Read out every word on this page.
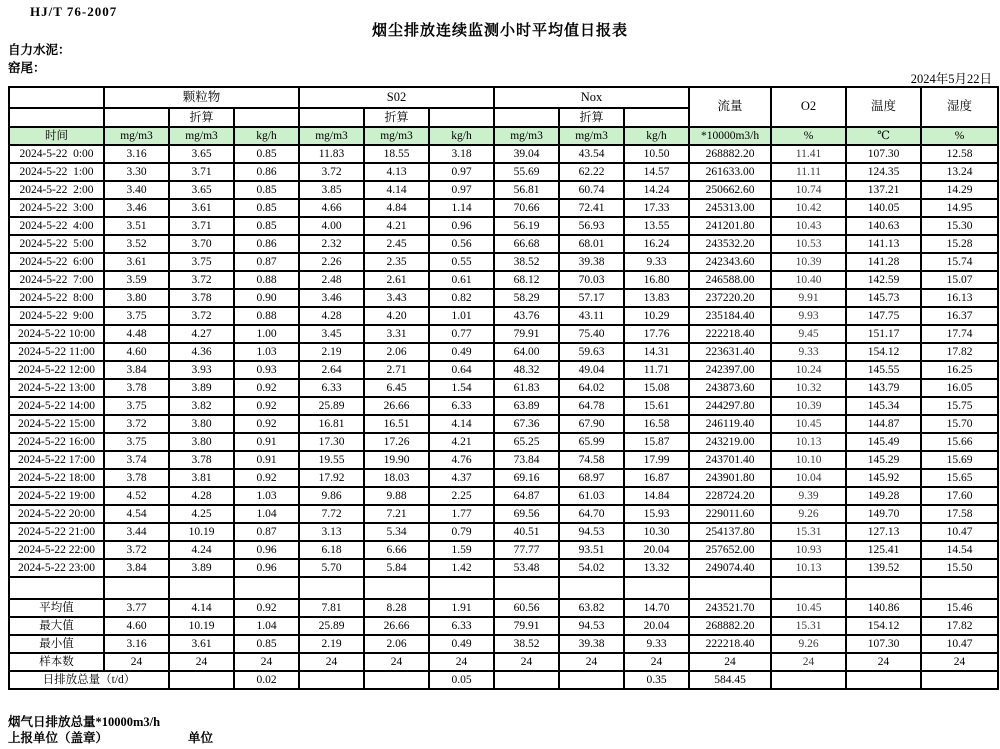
HJ/T 76-2007
烟尘排放连续监测小时平均值日报表
自力水泥：
窑尾：
2024年5月22日
	颗粒物			S02			Nox			流量	O2	温度	湿度
		折算			折算			折算					
时间	mg/m3	mg/m3	kg/h	mg/m3	mg/m3	kg/h	mg/m3	mg/m3	kg/h	*10000m3/h	%	℃	%
2024-5-22  0:00	3.16	3.65	0.85	11.83	18.55	3.18	39.04	43.54	10.50	268882.20	11.41	107.30	12.58
2024-5-22  1:00	3.30	3.71	0.86	3.72	4.13	0.97	55.69	62.22	14.57	261633.00	11.11	124.35	13.24
2024-5-22  2:00	3.40	3.65	0.85	3.85	4.14	0.97	56.81	60.74	14.24	250662.60	10.74	137.21	14.29
2024-5-22  3:00	3.46	3.61	0.85	4.66	4.84	1.14	70.66	72.41	17.33	245313.00	10.42	140.05	14.95
2024-5-22  4:00	3.51	3.71	0.85	4.00	4.21	0.96	56.19	56.93	13.55	241201.80	10.43	140.63	15.30
2024-5-22  5:00	3.52	3.70	0.86	2.32	2.45	0.56	66.68	68.01	16.24	243532.20	10.53	141.13	15.28
2024-5-22  6:00	3.61	3.75	0.87	2.26	2.35	0.55	38.52	39.38	9.33	242343.60	10.39	141.28	15.74
2024-5-22  7:00	3.59	3.72	0.88	2.48	2.61	0.61	68.12	70.03	16.80	246588.00	10.40	142.59	15.07
2024-5-22  8:00	3.80	3.78	0.90	3.46	3.43	0.82	58.29	57.17	13.83	237220.20	9.91	145.73	16.13
2024-5-22  9:00	3.75	3.72	0.88	4.28	4.20	1.01	43.76	43.11	10.29	235184.40	9.93	147.75	16.37
2024-5-22 10:00	4.48	4.27	1.00	3.45	3.31	0.77	79.91	75.40	17.76	222218.40	9.45	151.17	17.74
2024-5-22 11:00	4.60	4.36	1.03	2.19	2.06	0.49	64.00	59.63	14.31	223631.40	9.33	154.12	17.82
2024-5-22 12:00	3.84	3.93	0.93	2.64	2.71	0.64	48.32	49.04	11.71	242397.00	10.24	145.55	16.25
2024-5-22 13:00	3.78	3.89	0.92	6.33	6.45	1.54	61.83	64.02	15.08	243873.60	10.32	143.79	16.05
2024-5-22 14:00	3.75	3.82	0.92	25.89	26.66	6.33	63.89	64.78	15.61	244297.80	10.39	145.34	15.75
2024-5-22 15:00	3.72	3.80	0.92	16.81	16.51	4.14	67.36	67.90	16.58	246119.40	10.45	144.87	15.70
2024-5-22 16:00	3.75	3.80	0.91	17.30	17.26	4.21	65.25	65.99	15.87	243219.00	10.13	145.49	15.66
2024-5-22 17:00	3.74	3.78	0.91	19.55	19.90	4.76	73.84	74.58	17.99	243701.40	10.10	145.29	15.69
2024-5-22 18:00	3.78	3.81	0.92	17.92	18.03	4.37	69.16	68.97	16.87	243901.80	10.04	145.92	15.65
2024-5-22 19:00	4.52	4.28	1.03	9.86	9.88	2.25	64.87	61.03	14.84	228724.20	9.39	149.28	17.60
2024-5-22 20:00	4.54	4.25	1.04	7.72	7.21	1.77	69.56	64.70	15.93	229011.60	9.26	149.70	17.58
2024-5-22 21:00	3.44	10.19	0.87	3.13	5.34	0.79	40.51	94.53	10.30	254137.80	15.31	127.13	10.47
2024-5-22 22:00	3.72	4.24	0.96	6.18	6.66	1.59	77.77	93.51	20.04	257652.00	10.93	125.41	14.54
2024-5-22 23:00	3.84	3.89	0.96	5.70	5.84	1.42	53.48	54.02	13.32	249074.40	10.13	139.52	15.50

平均值	3.77	4.14	0.92	7.81	8.28	1.91	60.56	63.82	14.70	243521.70	10.45	140.86	15.46
最大值	4.60	10.19	1.04	25.89	26.66	6.33	79.91	94.53	20.04	268882.20	15.31	154.12	17.82
最小值	3.16	3.61	0.85	2.19	2.06	0.49	38.52	39.38	9.33	222218.40	9.26	107.30	10.47
样本数	24	24	24	24	24	24	24	24	24	24	24	24	24
日排放总量（t/d）			0.02			0.05			0.35	584.45			
烟气日排放总量*10000m3/h
上报单位（盖章）	单位
